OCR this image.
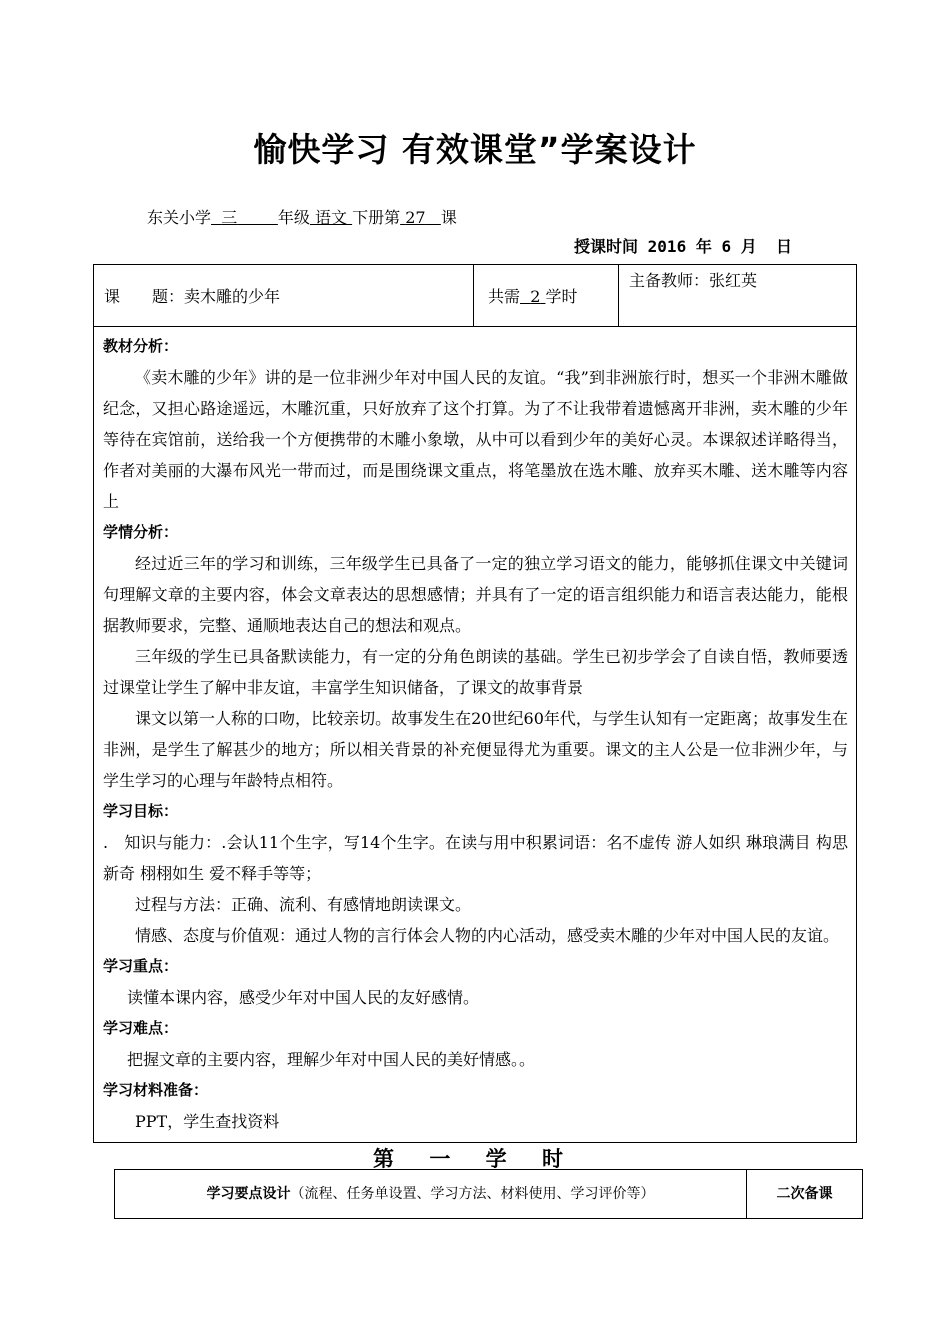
愉快学习 有效课堂”学案设计
东关小学 三	年级 语文 下册第 27 课
授课时间 2016 年 6 月  日
课　　题：卖木雕的少年	共需 2 学时
主备教师：张红英
教材分析：
《卖木雕的少年》讲的是一位非洲少年对中国人民的友谊。“我”到非洲旅行时，想买一个非洲木雕做纪念，又担心路途遥远，木雕沉重，只好放弃了这个打算。为了不让我带着遗憾离开非洲，卖木雕的少年等待在宾馆前，送给我一个方便携带的木雕小象墩，从中可以看到少年的美好心灵。本课叙述详略得当，作者对美丽的大瀑布风光一带而过，而是围绕课文重点，将笔墨放在选木雕、放弃买木雕、送木雕等内容上
学情分析：
经过近三年的学习和训练，三年级学生已具备了一定的独立学习语文的能力，能够抓住课文中关键词句理解文章的主要内容，体会文章表达的思想感情；并具有了一定的语言组织能力和语言表达能力，能根据教师要求，完整、通顺地表达自己的想法和观点。
三年级的学生已具备默读能力，有一定的分角色朗读的基础。学生已初步学会了自读自悟，教师要透过课堂让学生了解中非友谊，丰富学生知识储备，了课文的故事背景
课文以第一人称的口吻，比较亲切。故事发生在20世纪60年代，与学生认知有一定距离；故事发生在非洲，是学生了解甚少的地方；所以相关背景的补充便显得尤为重要。课文的主人公是一位非洲少年，与学生学习的心理与年龄特点相符。
学习目标：
.　知识与能力：.会认11个生字，写14个生字。在读与用中积累词语：名不虚传 游人如织 琳琅满目 构思新奇 栩栩如生 爱不释手等等；
过程与方法：正确、流利、有感情地朗读课文。
情感、态度与价值观：通过人物的言行体会人物的内心活动，感受卖木雕的少年对中国人民的友谊。
学习重点：
读懂本课内容，感受少年对中国人民的友好感情。
学习难点：
把握文章的主要内容，理解少年对中国人民的美好情感。。
学习材料准备：
PPT，学生查找资料
第 一 学 时
学习要点设计（流程、任务单设置、学习方法、材料使用、学习评价等）	二次备课
